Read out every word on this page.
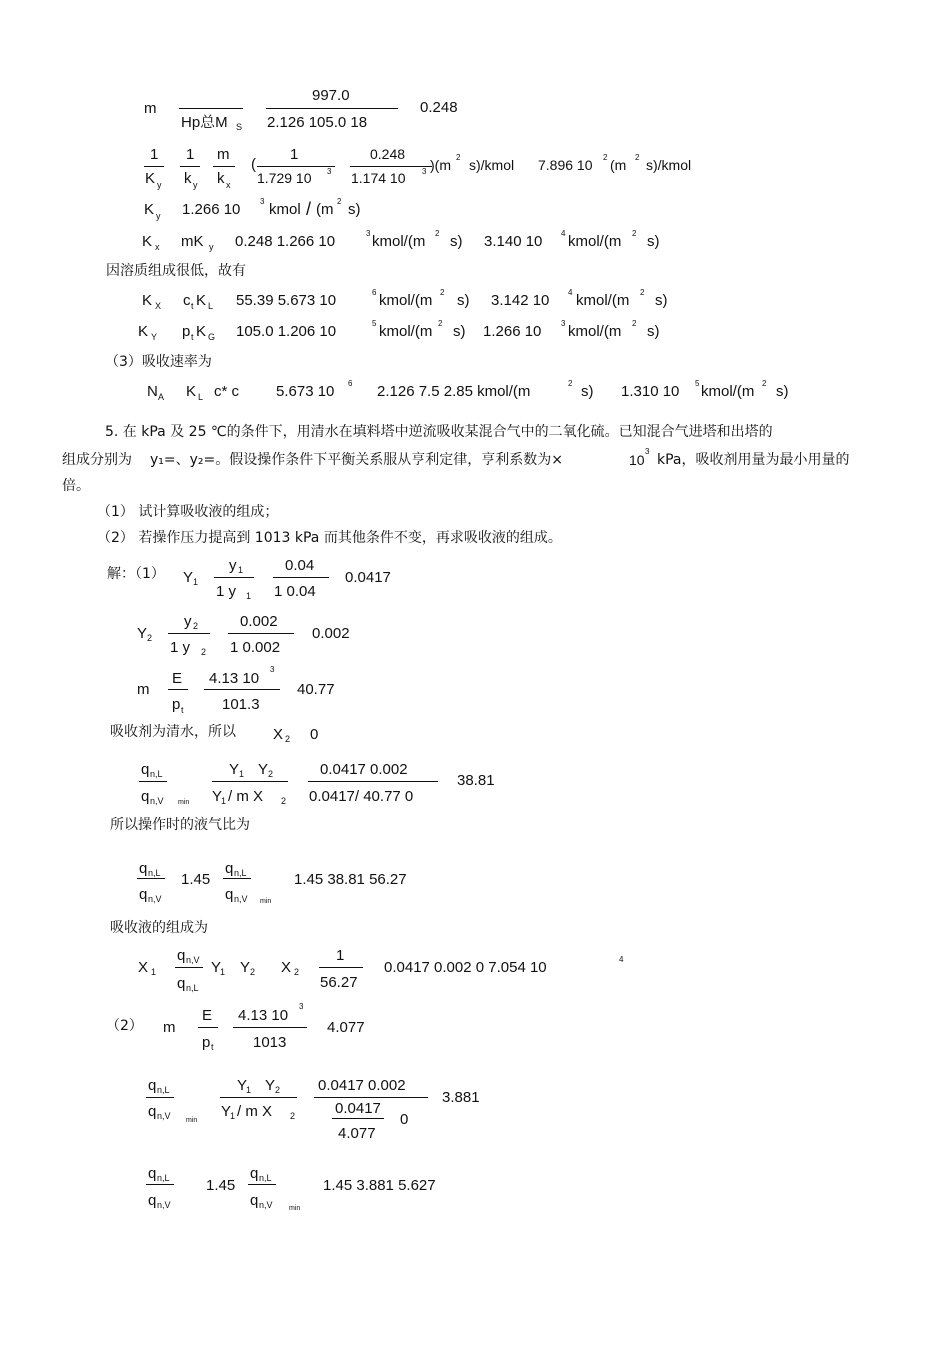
m
Hp总M S
997.0
2.126 105.0 18
0.248
1
K y
1
k y
m
k x
(
1
1.729 10 3
0.248
1.174 10 3 )(m 2 s)/kmol 7.896 10 2 (m 2 s)/kmol
K y 1.266 10 3 kmol / (m 2 s)
K x mK y 0.248 1.266 10	3 kmol/(m 2 s) 3.140 10 4 kmol/(m 2 s)
因溶质组成很低，故有
K X c t K L 55.39 5.673 10	6 kmol/(m 2 s) 3.142 10 4 kmol/(m 2 s)
K Y p t K G 105.0 1.206 10	5 kmol/(m 2 s) 1.266 10 3 kmol/(m 2 s)
（3）吸收速率为
N A K L c* c 5.673 10 6 2.126 7.5 2.85 kmol/(m	2 s) 1.310 10 5 kmol/(m 2 s)
5. 在 kPa 及 25 ℃的条件下，用清水在填料塔中逆流吸收某混合气中的二氧化硫。已知混合气进塔和出塔的
组成分别为 y₁=、y₂=。假设操作条件下平衡关系服从亨利定律，亨利系数为×	10
3
kPa，吸收剂用量为最小用量的
倍。
（1） 试计算吸收液的组成；
（2） 若操作压力提高到 1013 kPa 而其他条件不变，再求吸收液的组成。
解：（1） Y 1
y 1
1 y 1
0.04
1 0.04
0.0417
Y 2
y 2
1 y 2
0.002
1 0.002
0.002
m
E
p t
4.13 10
3
101.3
40.77
吸收剂为清水，所以 X 2 0
q n,L
q n,V min
Y 1 Y 2
Y
1 / m X 2
0.0417 0.002
0.0417/ 40.77 0
38.81
所以操作时的液气比为
q n,L
q n,V
1.45
q n,L
q n,V min
1.45 38.81 56.27
吸收液的组成为
X 1
q n,V
q n,L
Y
1 Y 2 X 2
1
56.27
0.0417 0.002 0 7.054 10	4
（2） m
E
p t
4.13 10
3
1013
4.077
q n,L
q n,V min
Y
1 Y 2
Y
1 / m X 2
0.0417 0.002
0.0417
4.077
0
3.881
q n,L
q n,V
1.45
q n,L
q n,V min
1.45 3.881 5.627
